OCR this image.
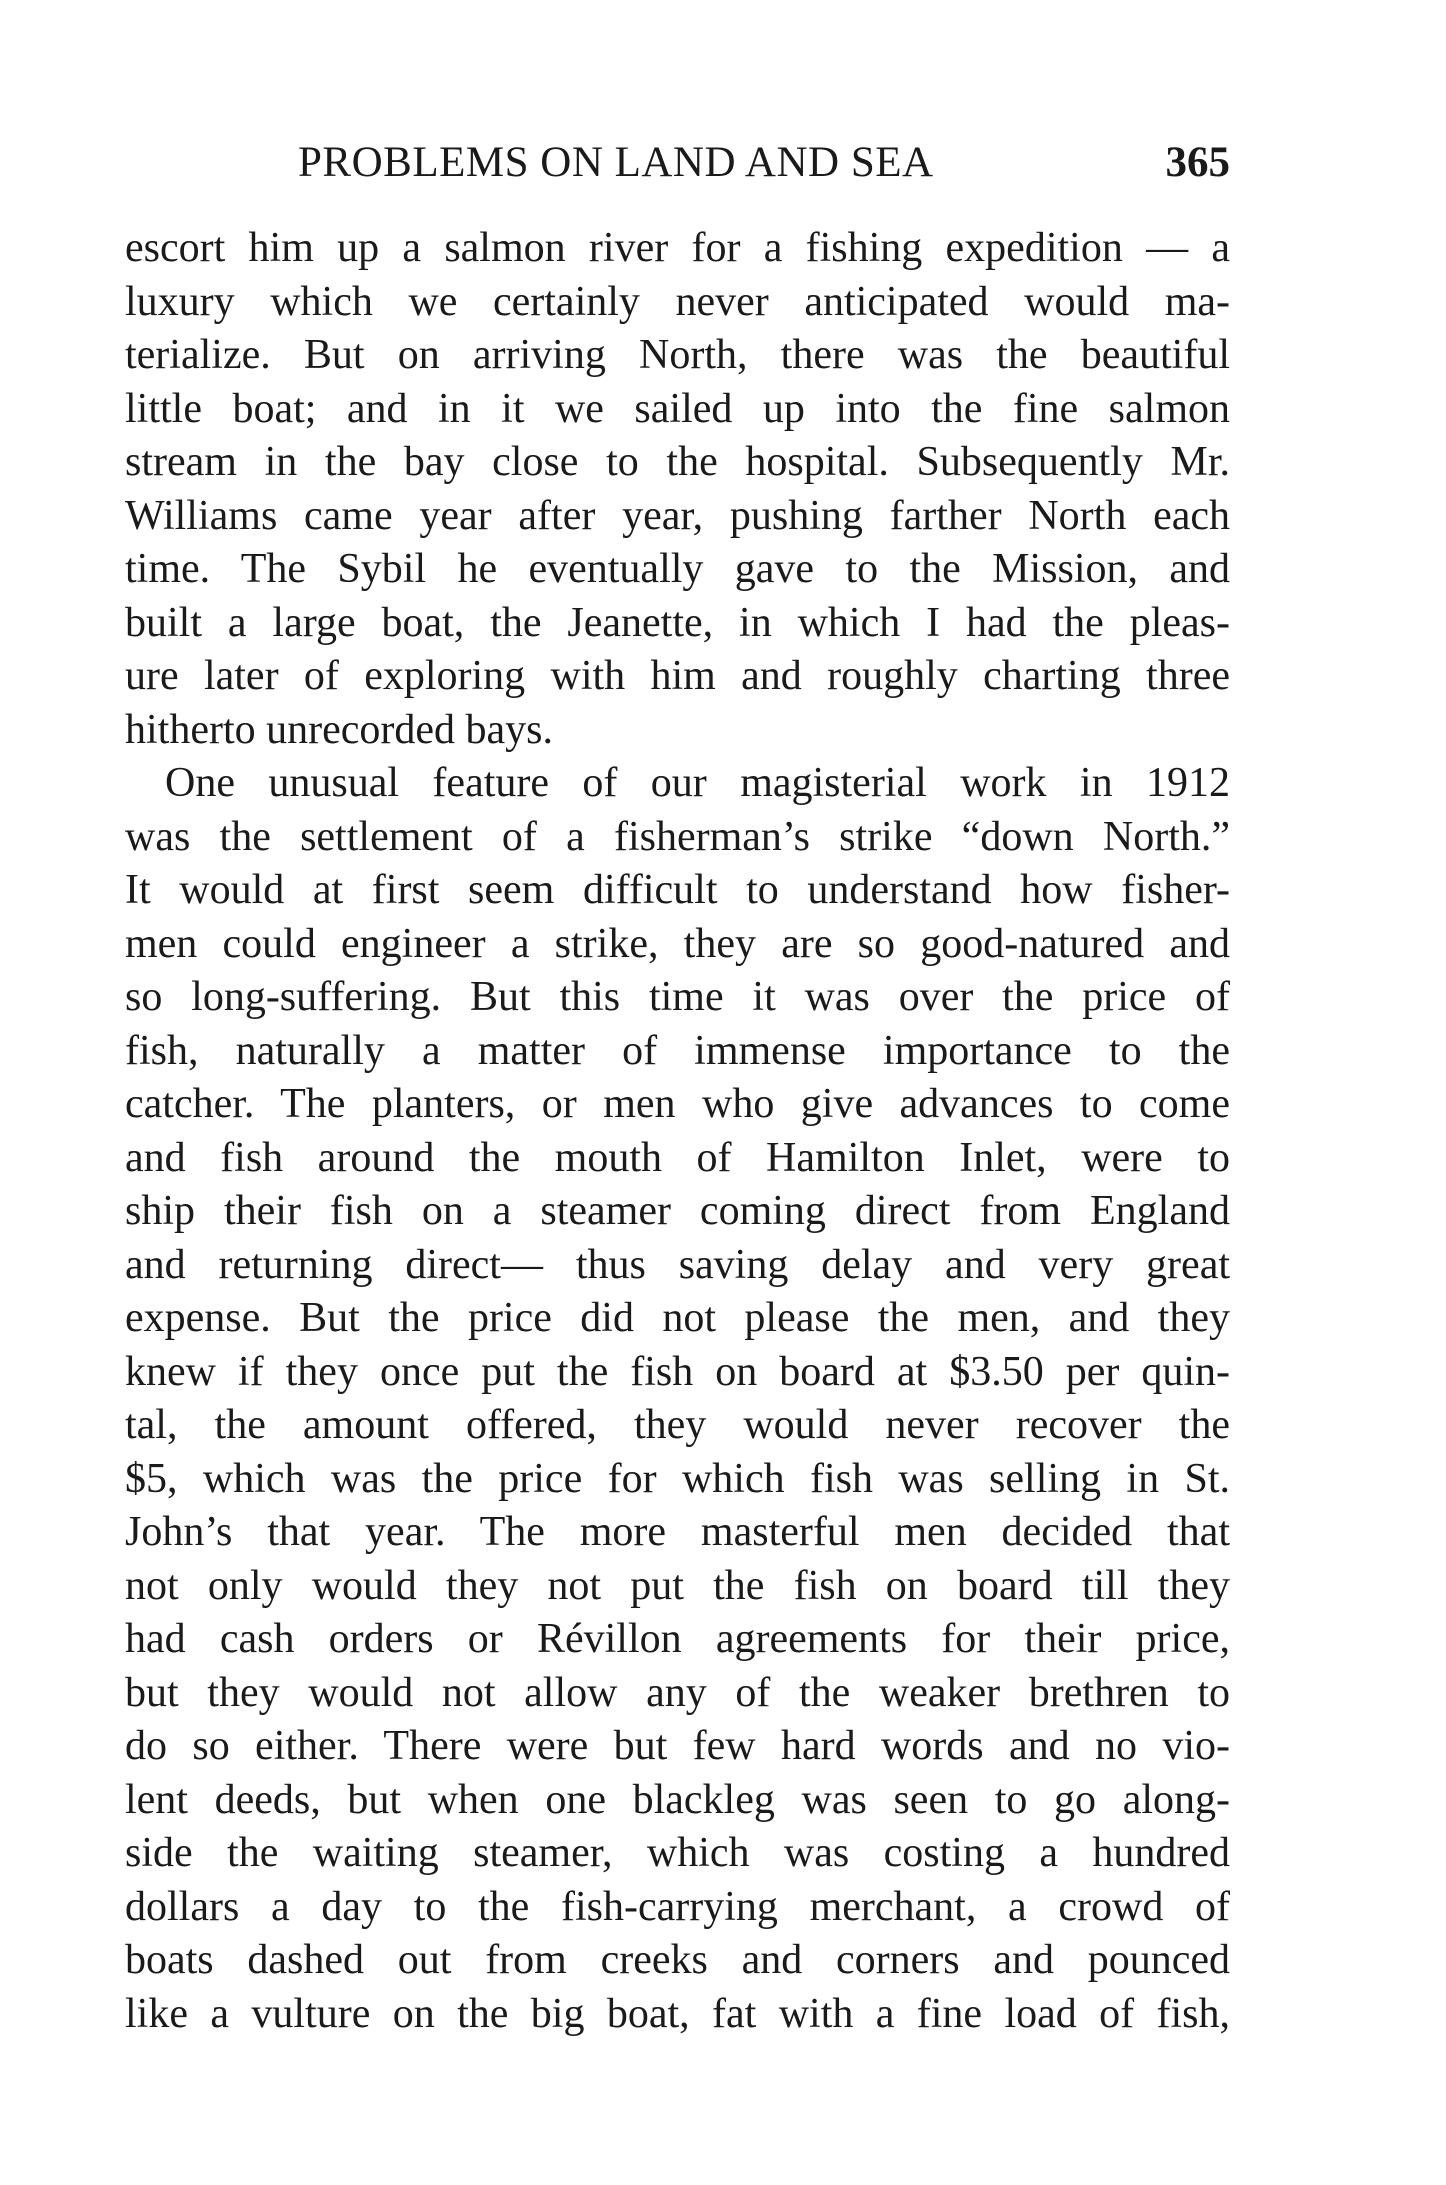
PROBLEMS ON LAND AND SEA	365
escort him up a salmon river for a fishing expedition — a
luxury which we certainly never anticipated would ma-
terialize. But on arriving North, there was the beautiful
little boat; and in it we sailed up into the fine salmon
stream in the bay close to the hospital. Subsequently Mr.
Williams came year after year, pushing farther North each
time. The Sybil he eventually gave to the Mission, and
built a large boat, the Jeanette, in which I had the pleas-
ure later of exploring with him and roughly charting three
hitherto unrecorded bays.
One unusual feature of our magisterial work in 1912
was the settlement of a fisherman’s strike “down North.”
It would at first seem difficult to understand how fisher-
men could engineer a strike, they are so good-natured and
so long-suffering. But this time it was over the price of
fish, naturally a matter of immense importance to the
catcher. The planters, or men who give advances to come
and fish around the mouth of Hamilton Inlet, were to
ship their fish on a steamer coming direct from England
and returning direct— thus saving delay and very great
expense. But the price did not please the men, and they
knew if they once put the fish on board at $3.50 per quin-
tal, the amount offered, they would never recover the
$5, which was the price for which fish was selling in St.
John’s that year. The more masterful men decided that
not only would they not put the fish on board till they
had cash orders or Révillon agreements for their price,
but they would not allow any of the weaker brethren to
do so either. There were but few hard words and no vio-
lent deeds, but when one blackleg was seen to go along-
side the waiting steamer, which was costing a hundred
dollars a day to the fish-carrying merchant, a crowd of
boats dashed out from creeks and corners and pounced
like a vulture on the big boat, fat with a fine load of fish,
